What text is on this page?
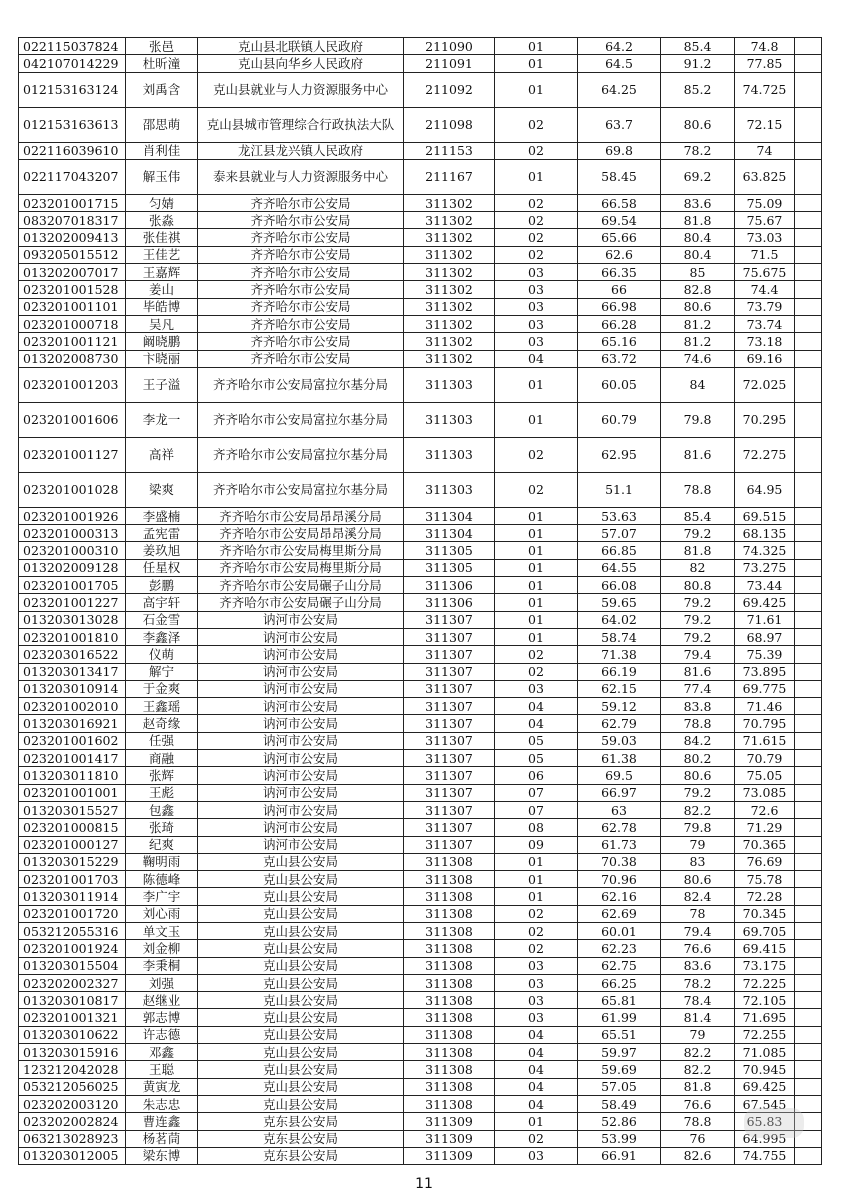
022115037824	张邑	克山县北联镇人民政府	211090	01	64.2	85.4	74.8	
042107014229	杜昕潼	克山县向华乡人民政府	211091	01	64.5	91.2	77.85	
012153163124	刘禹含	克山县就业与人力资源服务中心	211092	01	64.25	85.2	74.725	
012153163613	邵思萌	克山县城市管理综合行政执法大队	211098	02	63.7	80.6	72.15	
022116039610	肖利佳	龙江县龙兴镇人民政府	211153	02	69.8	78.2	74	
022117043207	解玉伟	泰来县就业与人力资源服务中心	211167	01	58.45	69.2	63.825	
023201001715	匀婧	齐齐哈尔市公安局	311302	02	66.58	83.6	75.09	
083207018317	张淼	齐齐哈尔市公安局	311302	02	69.54	81.8	75.67	
013202009413	张佳祺	齐齐哈尔市公安局	311302	02	65.66	80.4	73.03	
093205015512	王佳艺	齐齐哈尔市公安局	311302	02	62.6	80.4	71.5	
013202007017	王嘉辉	齐齐哈尔市公安局	311302	03	66.35	85	75.675	
023201001528	姜山	齐齐哈尔市公安局	311302	03	66	82.8	74.4	
023201001101	毕皓博	齐齐哈尔市公安局	311302	03	66.98	80.6	73.79	
023201000718	吴凡	齐齐哈尔市公安局	311302	03	66.28	81.2	73.74	
023201001121	阚晓鹏	齐齐哈尔市公安局	311302	03	65.16	81.2	73.18	
013202008730	卞晓丽	齐齐哈尔市公安局	311302	04	63.72	74.6	69.16	
023201001203	王子溢	齐齐哈尔市公安局富拉尔基分局	311303	01	60.05	84	72.025	
023201001606	李龙一	齐齐哈尔市公安局富拉尔基分局	311303	01	60.79	79.8	70.295	
023201001127	高祥	齐齐哈尔市公安局富拉尔基分局	311303	02	62.95	81.6	72.275	
023201001028	梁爽	齐齐哈尔市公安局富拉尔基分局	311303	02	51.1	78.8	64.95	
023201001926	李盛楠	齐齐哈尔市公安局昂昂溪分局	311304	01	53.63	85.4	69.515	
023201000313	孟宪雷	齐齐哈尔市公安局昂昂溪分局	311304	01	57.07	79.2	68.135	
023201000310	姜玖旭	齐齐哈尔市公安局梅里斯分局	311305	01	66.85	81.8	74.325	
013202009128	任星权	齐齐哈尔市公安局梅里斯分局	311305	01	64.55	82	73.275	
023201001705	彭鹏	齐齐哈尔市公安局碾子山分局	311306	01	66.08	80.8	73.44	
023201001227	高宇轩	齐齐哈尔市公安局碾子山分局	311306	01	59.65	79.2	69.425	
013203013028	石金雪	讷河市公安局	311307	01	64.02	79.2	71.61	
023201001810	李鑫泽	讷河市公安局	311307	01	58.74	79.2	68.97	
023203016522	仪萌	讷河市公安局	311307	02	71.38	79.4	75.39	
013203013417	解宁	讷河市公安局	311307	02	66.19	81.6	73.895	
013203010914	于金爽	讷河市公安局	311307	03	62.15	77.4	69.775	
023201002010	王鑫瑶	讷河市公安局	311307	04	59.12	83.8	71.46	
013203016921	赵奇缘	讷河市公安局	311307	04	62.79	78.8	70.795	
023201001602	任强	讷河市公安局	311307	05	59.03	84.2	71.615	
023201001417	商融	讷河市公安局	311307	05	61.38	80.2	70.79	
013203011810	张辉	讷河市公安局	311307	06	69.5	80.6	75.05	
023201001001	王彪	讷河市公安局	311307	07	66.97	79.2	73.085	
013203015527	包鑫	讷河市公安局	311307	07	63	82.2	72.6	
023201000815	张琦	讷河市公安局	311307	08	62.78	79.8	71.29	
023201000127	纪爽	讷河市公安局	311307	09	61.73	79	70.365	
013203015229	鞠明雨	克山县公安局	311308	01	70.38	83	76.69	
023201001703	陈德峰	克山县公安局	311308	01	70.96	80.6	75.78	
013203011914	李广宇	克山县公安局	311308	01	62.16	82.4	72.28	
023201001720	刘心雨	克山县公安局	311308	02	62.69	78	70.345	
053212055316	单文玉	克山县公安局	311308	02	60.01	79.4	69.705	
023201001924	刘金柳	克山县公安局	311308	02	62.23	76.6	69.415	
013203015504	李秉桐	克山县公安局	311308	03	62.75	83.6	73.175	
023202002327	刘强	克山县公安局	311308	03	66.25	78.2	72.225	
013203010817	赵继业	克山县公安局	311308	03	65.81	78.4	72.105	
023201001321	郭志博	克山县公安局	311308	03	61.99	81.4	71.695	
013203010622	许志德	克山县公安局	311308	04	65.51	79	72.255	
013203015916	邓鑫	克山县公安局	311308	04	59.97	82.2	71.085	
123212042028	王聪	克山县公安局	311308	04	59.69	82.2	70.945	
053212056025	黄寅龙	克山县公安局	311308	04	57.05	81.8	69.425	
023202003120	朱志忠	克山县公安局	311308	04	58.49	76.6	67.545	
023202002824	曹连鑫	克东县公安局	311309	01	52.86	78.8	65.83	
063213028923	杨茗茼	克东县公安局	311309	02	53.99	76	64.995	
013203012005	梁东博	克东县公安局	311309	03	66.91	82.6	74.755	
11
